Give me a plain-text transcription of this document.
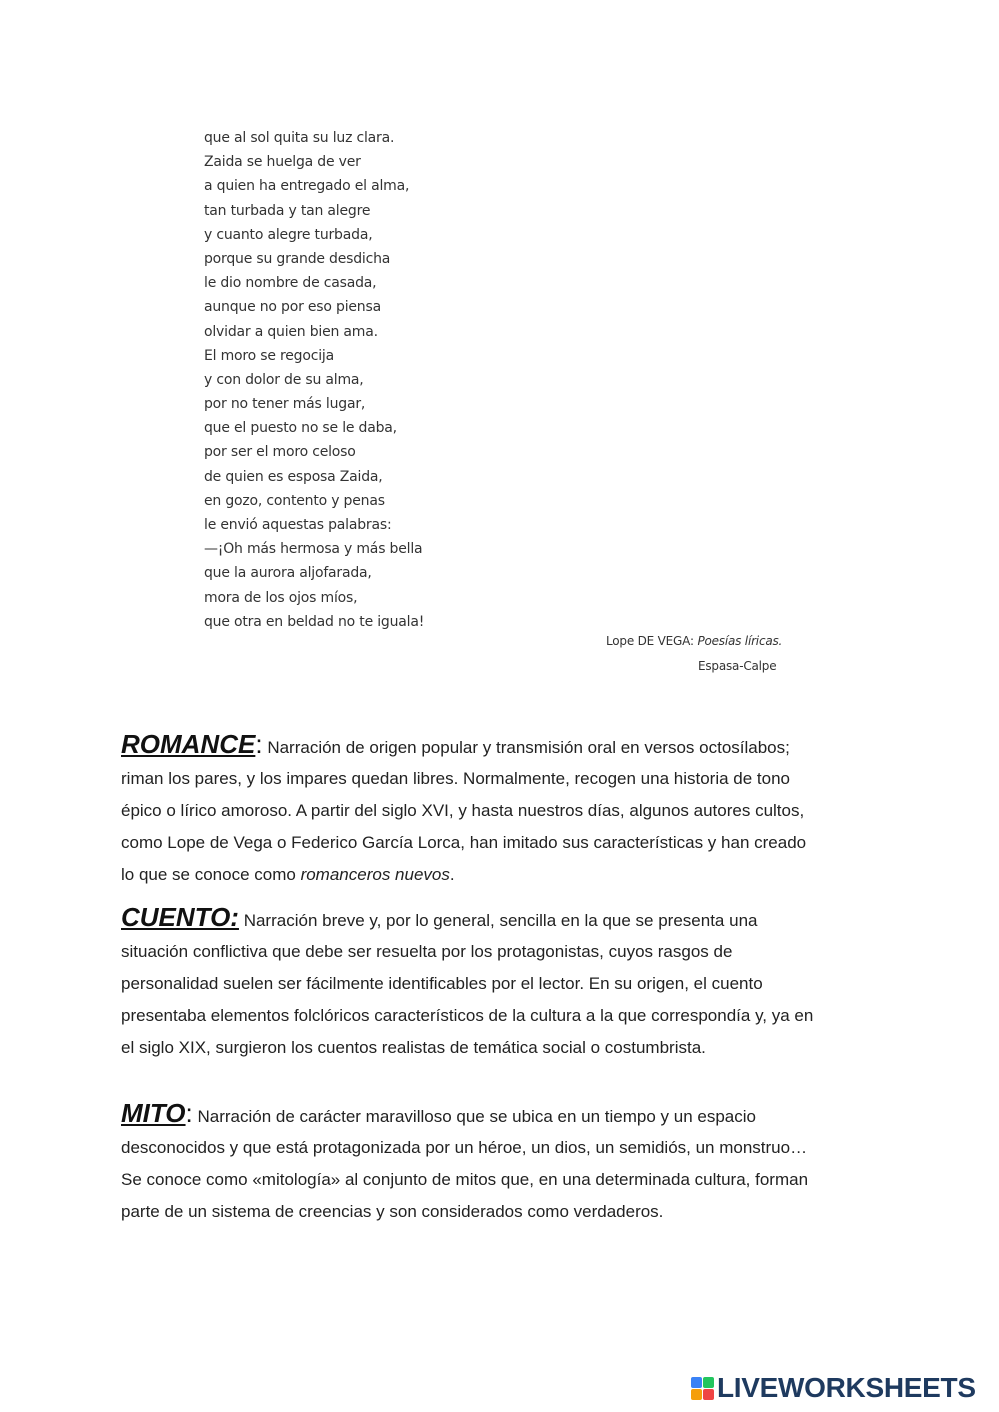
que al sol quita su luz clara.
Zaida se huelga de ver
a quien ha entregado el alma,
tan turbada y tan alegre
y cuanto alegre turbada,
porque su grande desdicha
le dio nombre de casada,
aunque no por eso piensa
olvidar a quien bien ama.
El moro se regocija
y con dolor de su alma,
por no tener más lugar,
que el puesto no se le daba,
por ser el moro celoso
de quien es esposa Zaida,
en gozo, contento y penas
le envió aquestas palabras:
—¡Oh más hermosa y más bella
que la aurora aljofarada,
mora de los ojos míos,
que otra en beldad no te iguala!
Lope DE VEGA: Poesías líricas.
Espasa-Calpe
ROMANCE: Narración de origen popular y transmisión oral en versos octosílabos;
riman los pares, y los impares quedan libres. Normalmente, recogen una historia de tono
épico o lírico amoroso. A partir del siglo XVI, y hasta nuestros días, algunos autores cultos,
como Lope de Vega o Federico García Lorca, han imitado sus características y han creado
lo que se conoce como romanceros nuevos.
CUENTO: Narración breve y, por lo general, sencilla en la que se presenta una
situación conflictiva que debe ser resuelta por los protagonistas, cuyos rasgos de
personalidad suelen ser fácilmente identificables por el lector. En su origen, el cuento
presentaba elementos folclóricos característicos de la cultura a la que correspondía y, ya en
el siglo XIX, surgieron los cuentos realistas de temática social o costumbrista.
MITO: Narración de carácter maravilloso que se ubica en un tiempo y un espacio
desconocidos y que está protagonizada por un héroe, un dios, un semidiós, un monstruo…
Se conoce como «mitología» al conjunto de mitos que, en una determinada cultura, forman
parte de un sistema de creencias y son considerados como verdaderos.
LIVEWORKSHEETS
